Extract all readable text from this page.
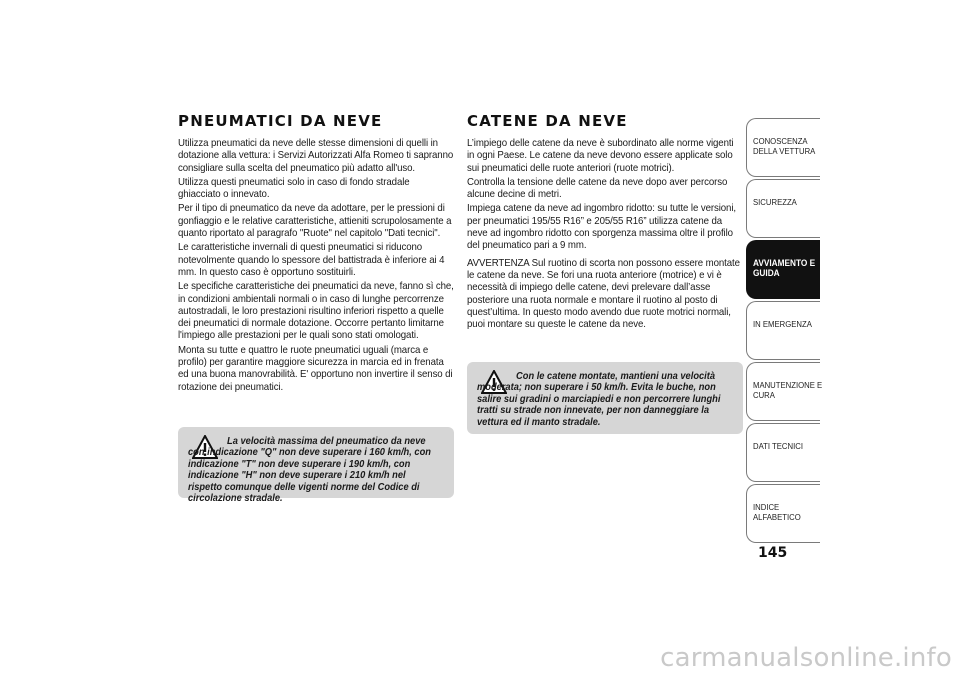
PNEUMATICI DA NEVE

Utilizza pneumatici da neve delle stesse dimensioni di quelli in dotazione alla vettura: i Servizi Autorizzati Alfa Romeo ti sapranno consigliare sulla scelta del pneumatico più adatto all'uso.

Utilizza questi pneumatici solo in caso di fondo stradale ghiacciato o innevato.

Per il tipo di pneumatico da neve da adottare, per le pressioni di gonfiaggio e le relative caratteristiche, attieniti scrupolosamente a quanto riportato al paragrafo "Ruote" nel capitolo "Dati tecnici".

Le caratteristiche invernali di questi pneumatici si riducono notevolmente quando lo spessore del battistrada è inferiore ai 4 mm. In questo caso è opportuno sostituirli.

Le specifiche caratteristiche dei pneumatici da neve, fanno sì che, in condizioni ambientali normali o in caso di lunghe percorrenze autostradali, le loro prestazioni risultino inferiori rispetto a quelle dei pneumatici di normale dotazione. Occorre pertanto limitarne l'impiego alle prestazioni per le quali sono stati omologati.

Monta su tutte e quattro le ruote pneumatici uguali (marca e profilo) per garantire maggiore sicurezza in marcia ed in frenata ed una buona manovrabilità. E' opportuno non invertire il senso di rotazione dei pneumatici.

La velocità massima del pneumatico da neve con indicazione "Q" non deve superare i 160 km/h, con indicazione "T" non deve superare i 190 km/h, con indicazione "H" non deve superare i 210 km/h nel rispetto comunque delle vigenti norme del Codice di circolazione stradale.

CATENE DA NEVE

L’impiego delle catene da neve è subordinato alle norme vigenti in ogni Paese. Le catene da neve devono essere applicate solo sui pneumatici delle ruote anteriori (ruote motrici).

Controlla la tensione delle catene da neve dopo aver percorso alcune decine di metri.

Impiega catene da neve ad ingombro ridotto: su tutte le versioni, per pneumatici 195/55 R16” e 205/55 R16” utilizza catene da neve ad ingombro ridotto con sporgenza massima oltre il profilo del pneumatico pari a 9 mm.

AVVERTENZA Sul ruotino di scorta non possono essere montate le catene da neve. Se fori una ruota anteriore (motrice) e vi è necessità di impiego delle catene, devi prelevare dall’asse posteriore una ruota normale e montare il ruotino al posto di quest’ultima. In questo modo avendo due ruote motrici normali, puoi montare su queste le catene da neve.

Con le catene montate, mantieni una velocità moderata; non superare i 50 km/h. Evita le buche, non salire sui gradini o marciapiedi e non percorrere lunghi tratti su strade non innevate, per non danneggiare la vettura ed il manto stradale.

CONOSCENZA DELLA VETTURA
SICUREZZA
AVVIAMENTO E GUIDA
IN EMERGENZA
MANUTENZIONE E CURA
DATI TECNICI
INDICE ALFABETICO
145
carmanualsonline.info
